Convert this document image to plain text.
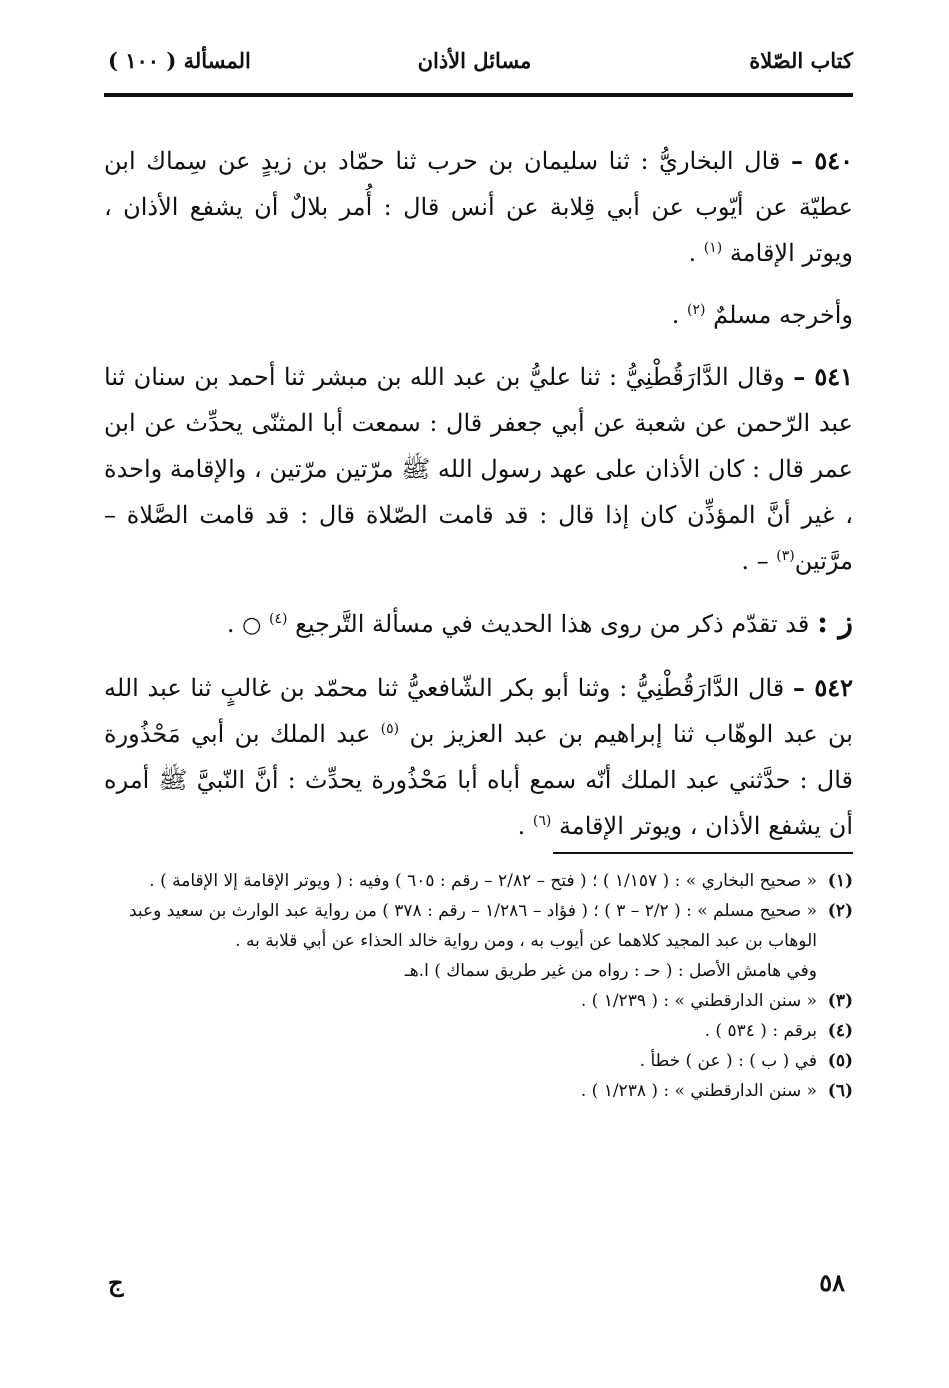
كتاب الصّلاة
مسائل الأذان
المسألة ( ١٠٠ )

٥٤٠ – قال البخاريُّ : ثنا سليمان بن حرب ثنا حمّاد بن زيدٍ عن سِماك ابن عطيّة عن أيّوب عن أبي قِلابة عن أنس قال : أُمر بلالٌ أن يشفع الأذان ، ويوتر الإقامة $^{(١)}$ .

وأخرجه مسلمٌ $^{(٢)}$ .

٥٤١ – وقال الدَّارَقُطْنِيُّ : ثنا عليُّ بن عبد الله بن مبشر ثنا أحمد بن سنان ثنا عبد الرّحمن عن شعبة عن أبي جعفر قال : سمعت أبا المثنّى يحدِّث عن ابن عمر قال : كان الأذان على عهد رسول الله ﷺ مرّتين مرّتين ، والإقامة واحدة ، غير أنَّ المؤذِّن كان إذا قال : قد قامت الصّلاة قال : قد قامت الصَّلاة – مرَّتين$^{(٣)}$ – .

ز : قد تقدّم ذكر من روى هذا الحديث في مسألة التَّرجيع $^{(٤)}$ ○ .

٥٤٢ – قال الدَّارَقُطْنِيُّ : وثنا أبو بكر الشّافعيُّ ثنا محمّد بن غالبٍ ثنا عبد الله بن عبد الوهّاب ثنا إبراهيم بن عبد العزيز بن $^{(٥)}$ عبد الملك بن أبي مَحْذُورة قال : حدَّثني عبد الملك أنّه سمع أباه أبا مَحْذُورة يحدِّث : أنَّ النّبيَّ ﷺ أمره أن يشفع الأذان ، ويوتر الإقامة $^{(٦)}$ .

(١)« صحيح البخاري » : ( ١/١٥٧ ) ؛ ( فتح – ٢/٨٢ – رقم : ٦٠٥ ) وفيه : ( ويوتر الإقامة إلا الإقامة ) .

(٢)« صحيح مسلم » : ( ٢/٢ – ٣ ) ؛ ( فؤاد – ١/٢٨٦ – رقم : ٣٧٨ ) من رواية عبد الوارث بن سعيد وعبد الوهاب بن عبد المجيد كلاهما عن أيوب به ، ومن رواية خالد الحذاء عن أبي قلابة به .

وفي هامش الأصل : ( حـ : رواه من غير طريق سماك ) ا.هـ

(٣)« سنن الدارقطني » : ( ١/٢٣٩ ) .

(٤)برقم : ( ٥٣٤ ) .

(٥)في ( ب ) : ( عن ) خطأ .

(٦)« سنن الدارقطني » : ( ١/٢٣٨ ) .

٥٨
ج
